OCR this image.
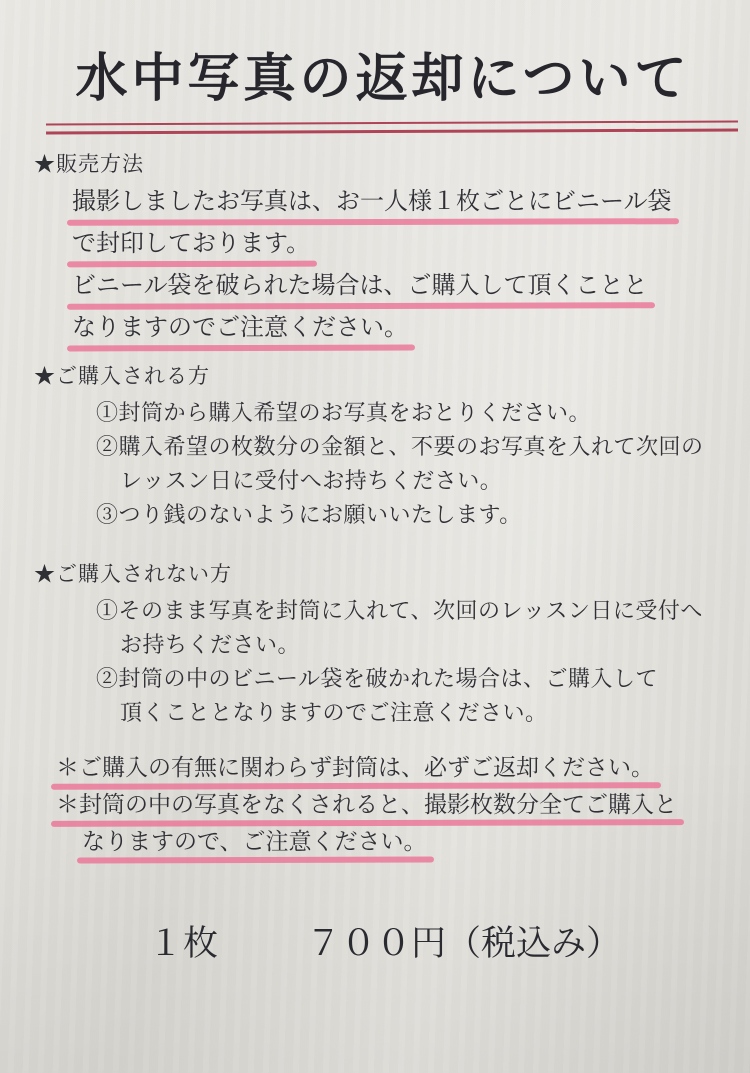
水中写真の返却について
★販売方法
撮影しましたお写真は、お一人様１枚ごとにビニール袋
で封印しております。
ビニール袋を破られた場合は、ご購入して頂くことと
なりますのでご注意ください。
★ご購入される方
①封筒から購入希望のお写真をおとりください。
②購入希望の枚数分の金額と、不要のお写真を入れて次回の
レッスン日に受付へお持ちください。
③つり銭のないようにお願いいたします。
★ご購入されない方
①そのまま写真を封筒に入れて、次回のレッスン日に受付へ
お持ちください。
②封筒の中のビニール袋を破かれた場合は、ご購入して
頂くこととなりますのでご注意ください。
＊ご購入の有無に関わらず封筒は、必ずご返却ください。
＊封筒の中の写真をなくされると、撮影枚数分全てご購入と
なりますので、ご注意ください。
１枚	７００円（税込み）
